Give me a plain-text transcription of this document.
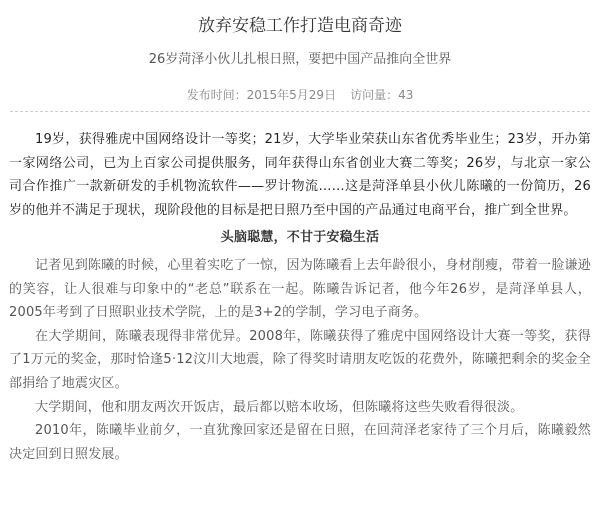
放弃安稳工作打造电商奇迹
26岁菏泽小伙儿扎根日照，要把中国产品推向全世界
发布时间：2015年5月29日 访问量：43

19岁，获得雅虎中国网络设计一等奖；21岁，大学毕业荣获山东省优秀毕业生；23岁，开办第一家网络公司，已为上百家公司提供服务，同年获得山东省创业大赛二等奖；26岁，与北京一家公司合作推广一款新研发的手机物流软件——罗计物流……这是菏泽单县小伙儿陈曦的一份简历，26岁的他并不满足于现状，现阶段他的目标是把日照乃至中国的产品通过电商平台，推广到全世界。

头脑聪慧，不甘于安稳生活

记者见到陈曦的时候，心里着实吃了一惊，因为陈曦看上去年龄很小，身材削瘦，带着一脸谦逊的笑容，让人很难与印象中的“老总”联系在一起。陈曦告诉记者，他今年26岁，是菏泽单县人，2005年考到了日照职业技术学院，上的是3+2的学制，学习电子商务。

在大学期间，陈曦表现得非常优异。2008年，陈曦获得了雅虎中国网络设计大赛一等奖，获得了1万元的奖金，那时恰逢5·12汶川大地震，除了得奖时请朋友吃饭的花费外，陈曦把剩余的奖金全部捐给了地震灾区。

大学期间，他和朋友两次开饭店，最后都以赔本收场，但陈曦将这些失败看得很淡。

2010年，陈曦毕业前夕，一直犹豫回家还是留在日照，在回菏泽老家待了三个月后，陈曦毅然决定回到日照发展。
